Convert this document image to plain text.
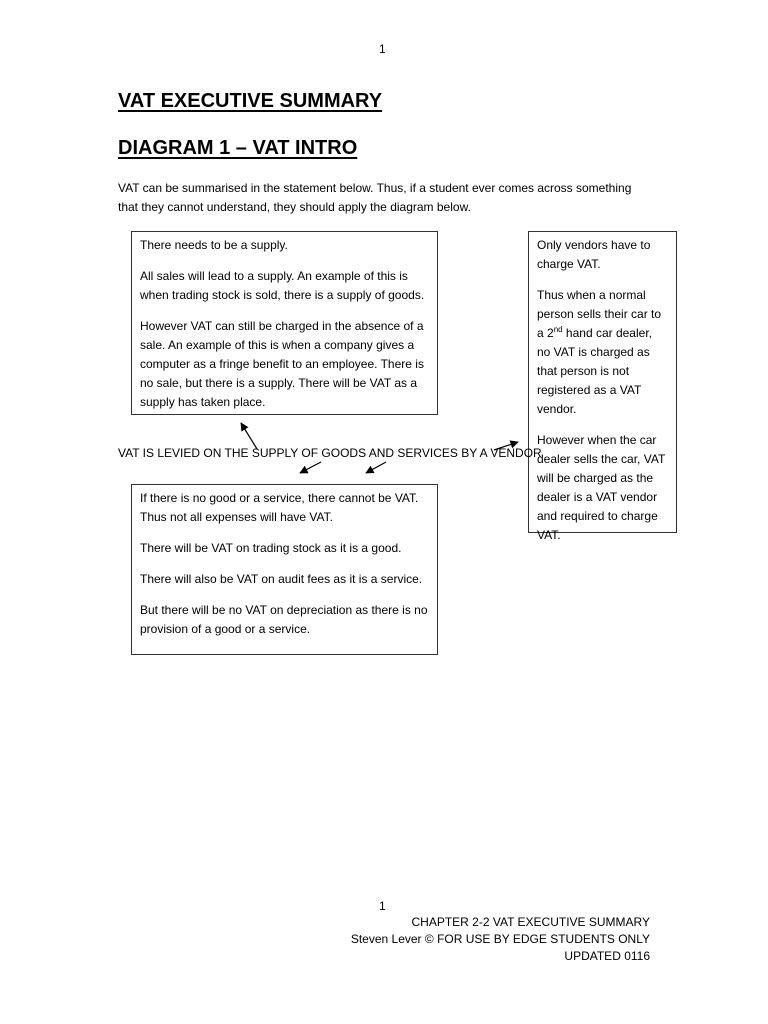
1
VAT EXECUTIVE SUMMARY
DIAGRAM 1 – VAT INTRO
VAT can be summarised in the statement below. Thus, if a student ever comes across something
that they cannot understand, they should apply the diagram below.

There needs to be a supply.

All sales will lead to a supply. An example of this is when trading stock is sold, there is a supply of goods.

However VAT can still be charged in the absence of a sale. An example of this is when a company gives a computer as a fringe benefit to an employee. There is no sale, but there is a supply. There will be VAT as a supply has taken place.

Only vendors have to charge VAT.

Thus when a normal person sells their car to a 2nd hand car dealer, no VAT is charged as that person is not registered as a VAT vendor.

However when the car dealer sells the car, VAT will be charged as the dealer is a VAT vendor and required to charge VAT.

VAT IS LEVIED ON THE SUPPLY OF GOODS AND SERVICES BY A VENDOR

If there is no good or a service, there cannot be VAT. Thus not all expenses will have VAT.

There will be VAT on trading stock as it is a good.

There will also be VAT on audit fees as it is a service.

But there will be no VAT on depreciation as there is no provision of a good or a service.

1
CHAPTER 2-2 VAT EXECUTIVE SUMMARY
Steven Lever © FOR USE BY EDGE STUDENTS ONLY
UPDATED 0116
